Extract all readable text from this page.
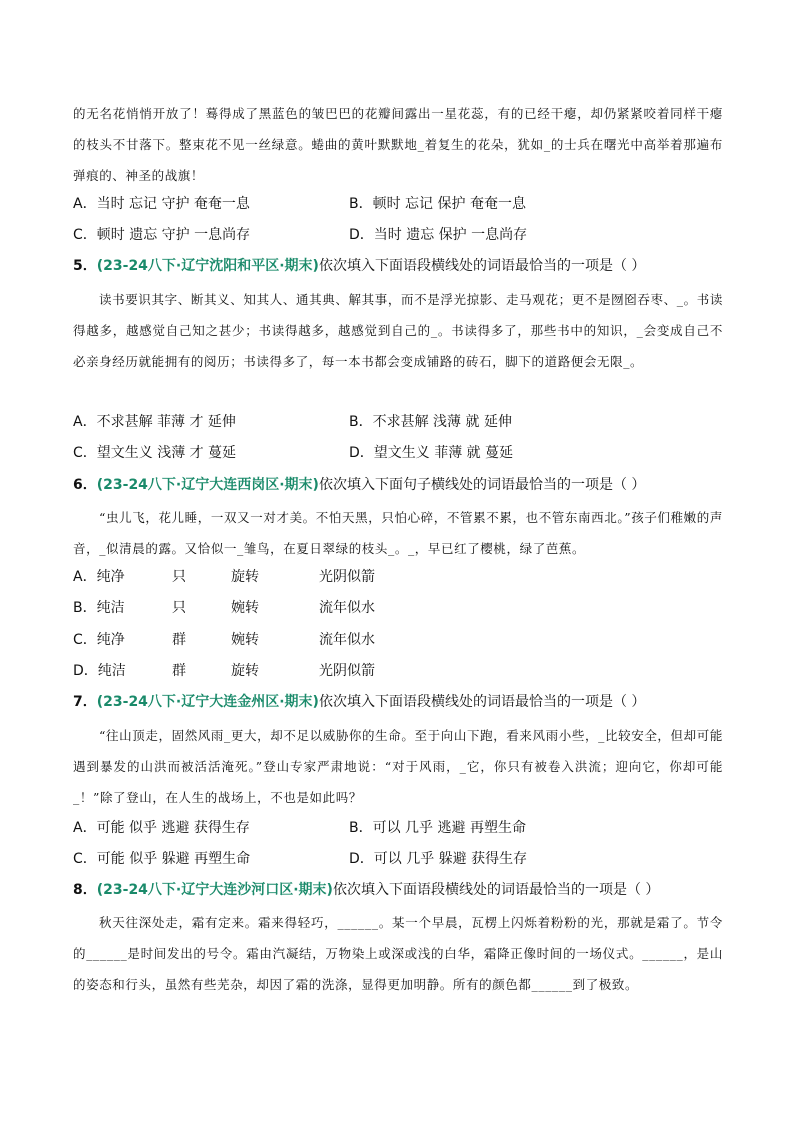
的无名花悄悄开放了！蓦得成了黑蓝色的皱巴巴的花瓣间露出一星花蕊，有的已经干瘪，却仍紧紧咬着同样干瘪的枝头不甘落下。整束花不见一丝绿意。蜷曲的黄叶默默地_着复生的花朵，犹如_的士兵在曙光中高举着那遍布弹痕的、神圣的战旗！
A．当时 忘记 守护 奄奄一息	B．顿时 忘记 保护 奄奄一息
C．顿时 遗忘 守护 一息尚存	D．当时 遗忘 保护 一息尚存
5．(23-24八下·辽宁沈阳和平区·期末)依次填入下面语段横线处的词语最恰当的一项是（ ）
读书要识其字、断其义、知其人、通其典、解其事，而不是浮光掠影、走马观花；更不是囫囵吞枣、_。书读得越多，越感觉自己知之甚少；书读得越多，越感觉到自己的_。书读得多了，那些书中的知识，_会变成自己不必亲身经历就能拥有的阅历；书读得多了，每一本书都会变成铺路的砖石，脚下的道路便会无限_。
A．不求甚解 菲薄 才 延伸	B．不求甚解 浅薄 就 延伸
C．望文生义 浅薄 才 蔓延	D．望文生义 菲薄 就 蔓延
6．(23-24八下·辽宁大连西岗区·期末)依次填入下面句子横线处的词语最恰当的一项是（ ）
“虫儿飞，花儿睡，一双又一对才美。不怕天黑，只怕心碎，不管累不累，也不管东南西北。”孩子们稚嫩的声音，_似清晨的露。又恰似一_雏鸟，在夏日翠绿的枝头_。_，早已红了樱桃，绿了芭蕉。
A．纯净	只	旋转	光阴似箭
B．纯洁	只	婉转	流年似水
C．纯净	群	婉转	流年似水
D．纯洁	群	旋转	光阴似箭
7．(23-24八下·辽宁大连金州区·期末)依次填入下面语段横线处的词语最恰当的一项是（ ）
“往山顶走，固然风雨_更大，却不足以威胁你的生命。至于向山下跑，看来风雨小些，_比较安全，但却可能遇到暴发的山洪而被活活淹死。”登山专家严肃地说：“对于风雨，_它，你只有被卷入洪流；迎向它，你却可能_！”除了登山，在人生的战场上，不也是如此吗？
A．可能 似乎 逃避 获得生存	B．可以 几乎 逃避 再塑生命
C．可能 似乎 躲避 再塑生命	D．可以 几乎 躲避 获得生存
8．(23-24八下·辽宁大连沙河口区·期末)依次填入下面语段横线处的词语最恰当的一项是（ ）
秋天往深处走，霜有定来。霜来得轻巧，______。某一个早晨，瓦楞上闪烁着粉粉的光，那就是霜了。节令的______是时间发出的号令。霜由汽凝结，万物染上或深或浅的白华，霜降正像时间的一场仪式。______，是山的姿态和行头，虽然有些芜杂，却因了霜的洗涤，显得更加明静。所有的颜色都______到了极致。
